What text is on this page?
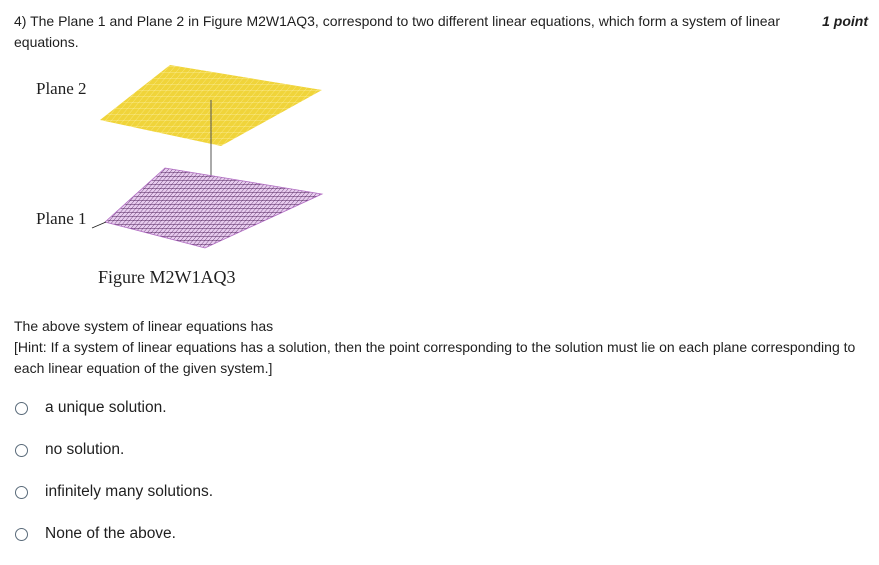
4) The Plane 1 and Plane 2 in Figure M2W1AQ3, correspond to two different linear equations, which form a system of linear equations.
1 point
Plane 2
Plane 1
Figure M2W1AQ3
The above system of linear equations has
[Hint: If a system of linear equations has a solution, then the point corresponding to the solution must lie on each plane corresponding to each linear equation of the given system.]
a unique solution.
no solution.
infinitely many solutions.
None of the above.
